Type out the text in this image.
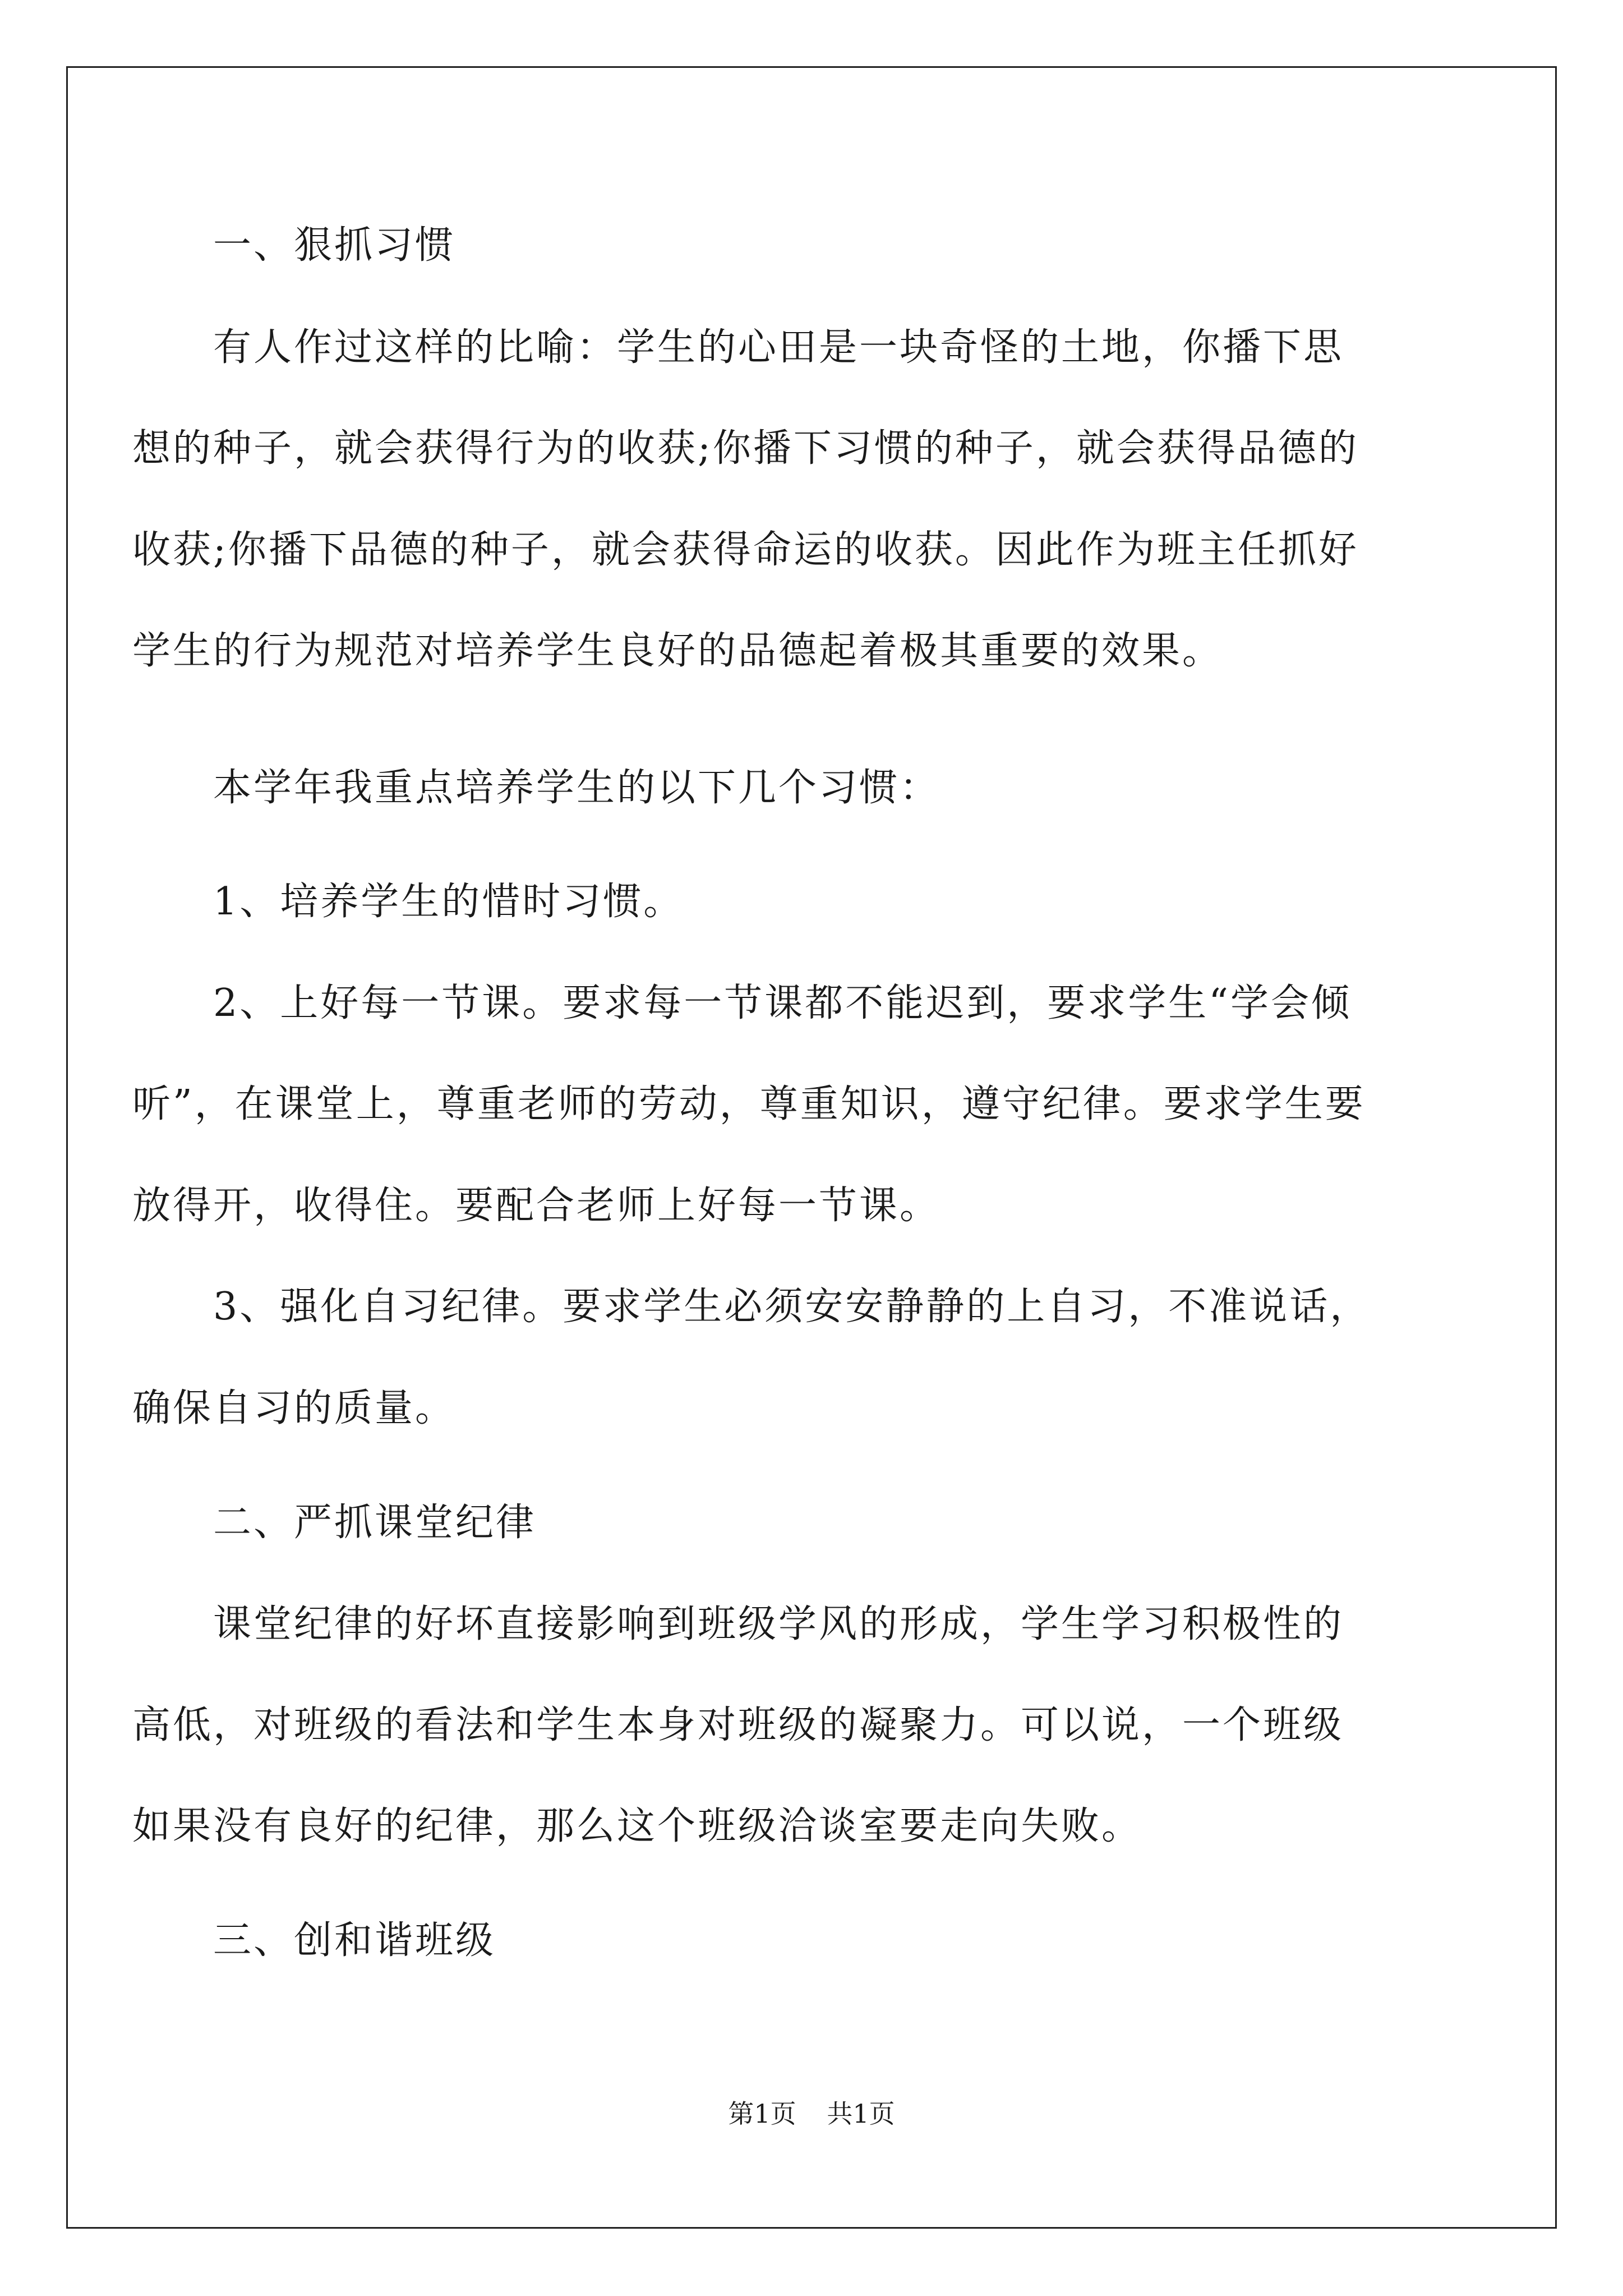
　　一、狠抓习惯
　　有人作过这样的比喻：学生的心田是一块奇怪的土地，你播下思
想的种子，就会获得行为的收获;你播下习惯的种子，就会获得品德的
收获;你播下品德的种子，就会获得命运的收获。因此作为班主任抓好
学生的行为规范对培养学生良好的品德起着极其重要的效果。
　　本学年我重点培养学生的以下几个习惯：
　　1、培养学生的惜时习惯。
　　2、上好每一节课。要求每一节课都不能迟到，要求学生“学会倾
听”，在课堂上，尊重老师的劳动，尊重知识，遵守纪律。要求学生要
放得开，收得住。要配合老师上好每一节课。
　　3、强化自习纪律。要求学生必须安安静静的上自习，不准说话，
确保自习的质量。
　　二、严抓课堂纪律
　　课堂纪律的好坏直接影响到班级学风的形成，学生学习积极性的
高低，对班级的看法和学生本身对班级的凝聚力。可以说，一个班级
如果没有良好的纪律，那么这个班级洽谈室要走向失败。
　　三、创和谐班级
第1页 共1页
